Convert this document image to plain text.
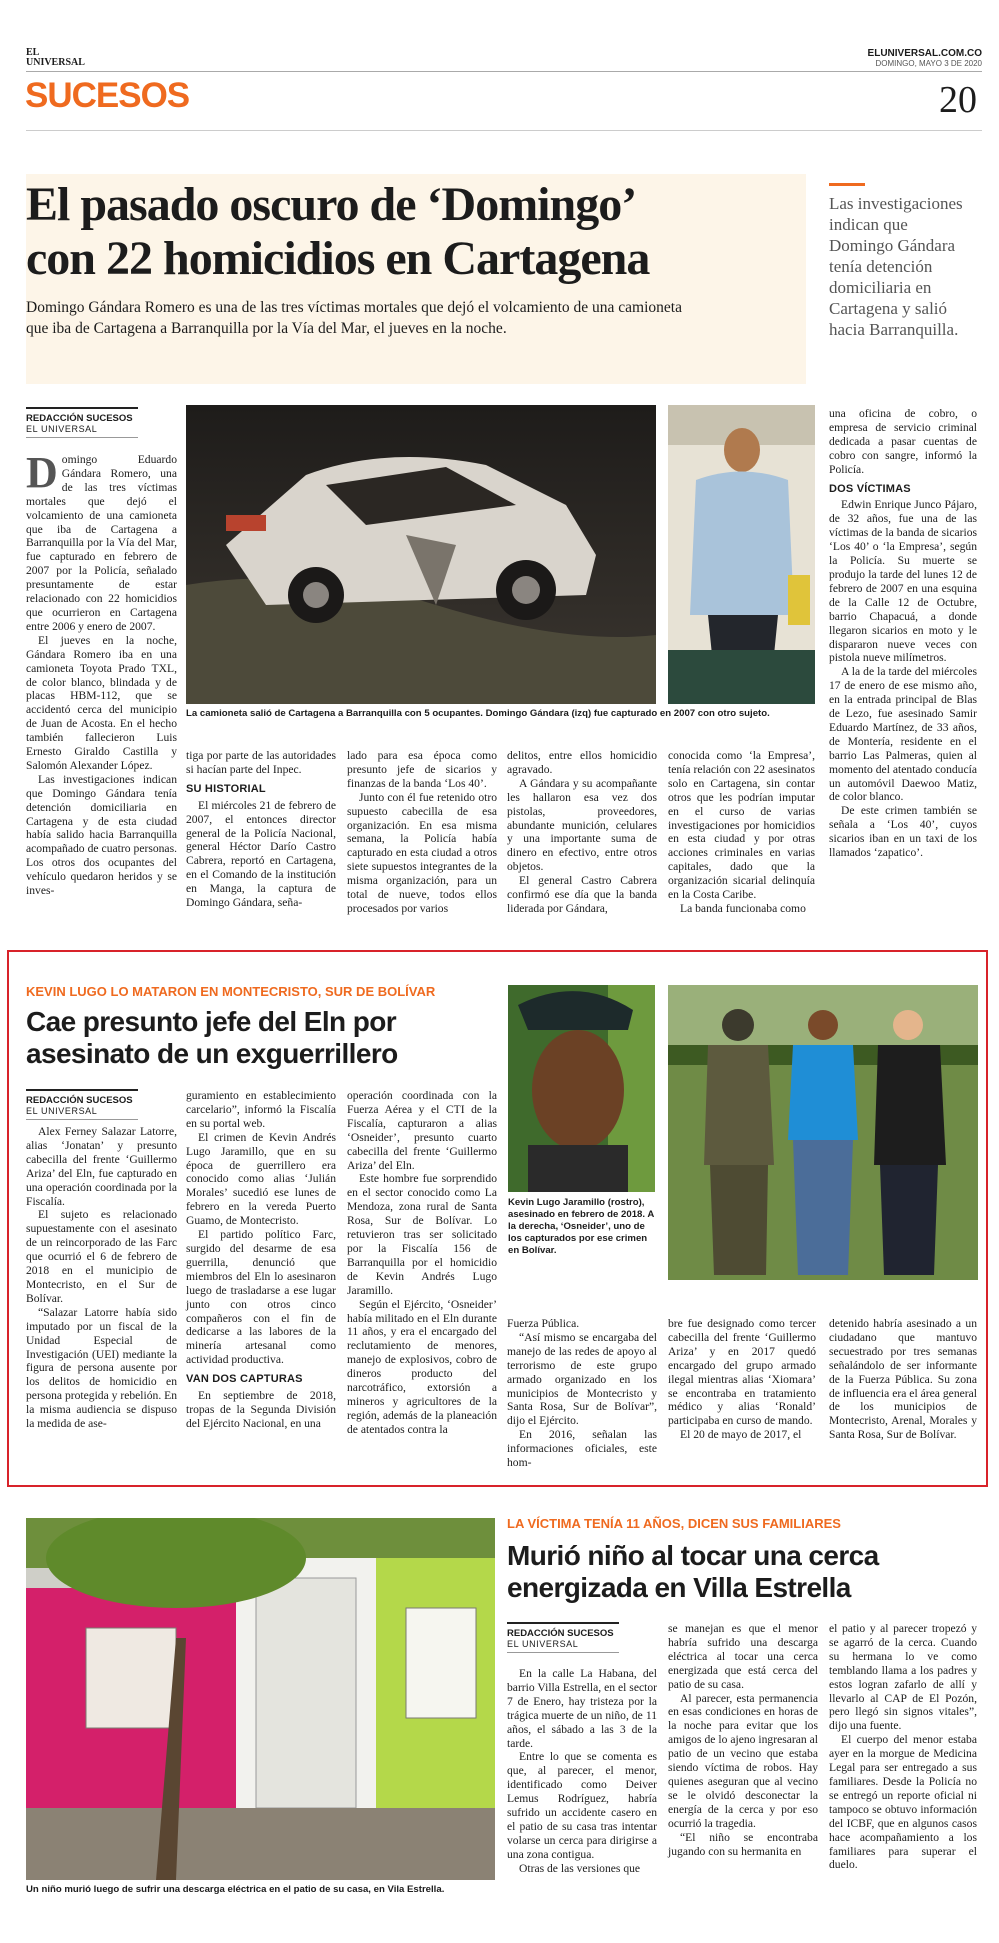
EL
UNIVERSAL
ELUNIVERSAL.COM.CO
DOMINGO, MAYO 3 DE 2020
SUCESOS	20
El pasado oscuro de ‘Domingo’
con 22 homicidios en Cartagena
Domingo Gándara Romero es una de las tres víctimas mortales que dejó el volcamiento de una camioneta que iba de Cartagena a Barranquilla por la Vía del Mar, el jueves en la noche.
Las investigaciones indican que Domingo Gándara tenía detención domiciliaria en Cartagena y salió hacia Barranquilla.
REDACCIÓN SUCESOS
EL UNIVERSAL
La camioneta salió de Cartagena a Barranquilla con 5 ocupantes. Domingo Gándara (izq) fue capturado en 2007 con otro sujeto.

Domingo Eduardo Gándara Romero, una de las tres víctimas mortales que dejó el volcamiento de una camioneta que iba de Cartagena a Barranquilla por la Vía del Mar, fue capturado en febrero de 2007 por la Policía, señalado presuntamente de estar relacionado con 22 homicidios que ocurrieron en Cartagena entre 2006 y enero de 2007.

El jueves en la noche, Gándara Romero iba en una camioneta Toyota Prado TXL, de color blanco, blindada y de placas HBM-112, que se accidentó cerca del municipio de Juan de Acosta. En el hecho también fallecieron Luis Ernesto Giraldo Castilla y Salomón Alexander López.

Las investigaciones indican que Domingo Gándara tenía detención domiciliaria en Cartagena y de esta ciudad había salido hacia Barranquilla acompañado de cuatro personas. Los otros dos ocupantes del vehículo quedaron heridos y se inves-

tiga por parte de las autoridades si hacían parte del Inpec.

SU HISTORIAL

El miércoles 21 de febrero de 2007, el entonces director general de la Policía Nacional, general Héctor Darío Castro Cabrera, reportó en Cartagena, en el Comando de la institución en Manga, la captura de Domingo Gándara, seña-

lado para esa época como presunto jefe de sicarios y finanzas de la banda ‘Los 40’.

Junto con él fue retenido otro supuesto cabecilla de esa organización. En esa misma semana, la Policía había capturado en esta ciudad a otros siete supuestos integrantes de la misma organización, para un total de nueve, todos ellos procesados por varios

delitos, entre ellos homicidio agravado.

A Gándara y su acompañante les hallaron esa vez dos pistolas, proveedores, abundante munición, celulares y una importante suma de dinero en efectivo, entre otros objetos.

El general Castro Cabrera confirmó ese día que la banda liderada por Gándara,

conocida como ‘la Empresa’, tenía relación con 22 asesinatos solo en Cartagena, sin contar otros que les podrían imputar en el curso de varias investigaciones por homicidios en esta ciudad y por otras acciones criminales en varias capitales, dado que la organización sicarial delinquía en la Costa Caribe.

La banda funcionaba como

una oficina de cobro, o empresa de servicio criminal dedicada a pasar cuentas de cobro con sangre, informó la Policía.

DOS VÍCTIMAS

Edwin Enrique Junco Pájaro, de 32 años, fue una de las víctimas de la banda de sicarios ‘Los 40’ o ‘la Empresa’, según la Policía. Su muerte se produjo la tarde del lunes 12 de febrero de 2007 en una esquina de la Calle 12 de Octubre, barrio Chapacuá, a donde llegaron sicarios en moto y le dispararon nueve veces con pistola nueve milímetros.

A la de la tarde del miércoles 17 de enero de ese mismo año, en la entrada principal de Blas de Lezo, fue asesinado Samir Eduardo Martínez, de 33 años, de Montería, residente en el barrio Las Palmeras, quien al momento del atentado conducía un automóvil Daewoo Matiz, de color blanco.

De este crimen también se señala a ‘Los 40’, cuyos sicarios iban en un taxi de los llamados ‘zapatico’.

KEVIN LUGO LO MATARON EN MONTECRISTO, SUR DE BOLÍVAR
Cae presunto jefe del Eln por
asesinato de un exguerrillero
REDACCIÓN SUCESOS
EL UNIVERSAL
Kevin Lugo Jaramillo (rostro), asesinado en febrero de 2018. A la derecha, ‘Osneider’, uno de los capturados por ese crimen en Bolívar.

Alex Ferney Salazar Latorre, alias ‘Jonatan’ y presunto cabecilla del frente ‘Guillermo Ariza’ del Eln, fue capturado en una operación coordinada por la Fiscalía.

El sujeto es relacionado supuestamente con el asesinato de un reincorporado de las Farc que ocurrió el 6 de febrero de 2018 en el municipio de Montecristo, en el Sur de Bolívar.

“Salazar Latorre había sido imputado por un fiscal de la Unidad Especial de Investigación (UEI) mediante la figura de persona ausente por los delitos de homicidio en persona protegida y rebelión. En la misma audiencia se dispuso la medida de ase-

guramiento en establecimiento carcelario”, informó la Fiscalía en su portal web.

El crimen de Kevin Andrés Lugo Jaramillo, que en su época de guerrillero era conocido como alias ‘Julián Morales’ sucedió ese lunes de febrero en la vereda Puerto Guamo, de Montecristo.

El partido político Farc, surgido del desarme de esa guerrilla, denunció que miembros del Eln lo asesinaron luego de trasladarse a ese lugar junto con otros cinco compañeros con el fin de dedicarse a las labores de la minería artesanal como actividad productiva.

VAN DOS CAPTURAS

En septiembre de 2018, tropas de la Segunda División del Ejército Nacional, en una

operación coordinada con la Fuerza Aérea y el CTI de la Fiscalía, capturaron a alias ‘Osneider’, presunto cuarto cabecilla del frente ‘Guillermo Ariza’ del Eln.

Este hombre fue sorprendido en el sector conocido como La Mendoza, zona rural de Santa Rosa, Sur de Bolívar. Lo retuvieron tras ser solicitado por la Fiscalía 156 de Barranquilla por el homicidio de Kevin Andrés Lugo Jaramillo.

Según el Ejército, ‘Osneider’ había militado en el Eln durante 11 años, y era el encargado del reclutamiento de menores, manejo de explosivos, cobro de dineros producto del narcotráfico, extorsión a mineros y agricultores de la región, además de la planeación de atentados contra la

Fuerza Pública.

“Así mismo se encargaba del manejo de las redes de apoyo al terrorismo de este grupo armado organizado en los municipios de Montecristo y Santa Rosa, Sur de Bolívar”, dijo el Ejército.

En 2016, señalan las informaciones oficiales, este hom-

bre fue designado como tercer cabecilla del frente ‘Guillermo Ariza’ y en 2017 quedó encargado del grupo armado ilegal mientras alias ‘Xiomara’ se encontraba en tratamiento médico y alias ‘Ronald’ participaba en curso de mando.

El 20 de mayo de 2017, el

detenido habría asesinado a un ciudadano que mantuvo secuestrado por tres semanas señalándolo de ser informante de la Fuerza Pública. Su zona de influencia era el área general de los municipios de Montecristo, Arenal, Morales y Santa Rosa, Sur de Bolívar.

Un niño murió luego de sufrir una descarga eléctrica en el patio de su casa, en Vila Estrella.
LA VÍCTIMA TENÍA 11 AÑOS, DICEN SUS FAMILIARES
Murió niño al tocar una cerca
energizada en Villa Estrella
REDACCIÓN SUCESOS
EL UNIVERSAL

En la calle La Habana, del barrio Villa Estrella, en el sector 7 de Enero, hay tristeza por la trágica muerte de un niño, de 11 años, el sábado a las 3 de la tarde.

Entre lo que se comenta es que, al parecer, el menor, identificado como Deiver Lemus Rodríguez, habría sufrido un accidente casero en el patio de su casa tras intentar volarse un cerca para dirigirse a una zona contigua.

Otras de las versiones que

se manejan es que el menor habría sufrido una descarga eléctrica al tocar una cerca energizada que está cerca del patio de su casa.

Al parecer, esta permanencia en esas condiciones en horas de la noche para evitar que los amigos de lo ajeno ingresaran al patio de un vecino que estaba siendo víctima de robos. Hay quienes aseguran que al vecino se le olvidó desconectar la energía de la cerca y por eso ocurrió la tragedia.

“El niño se encontraba jugando con su hermanita en

el patio y al parecer tropezó y se agarró de la cerca. Cuando su hermana lo ve como temblando llama a los padres y estos logran zafarlo de allí y llevarlo al CAP de El Pozón, pero llegó sin signos vitales”, dijo una fuente.

El cuerpo del menor estaba ayer en la morgue de Medicina Legal para ser entregado a sus familiares. Desde la Policía no se entregó un reporte oficial ni tampoco se obtuvo información del ICBF, que en algunos casos hace acompañamiento a los familiares para superar el duelo.
